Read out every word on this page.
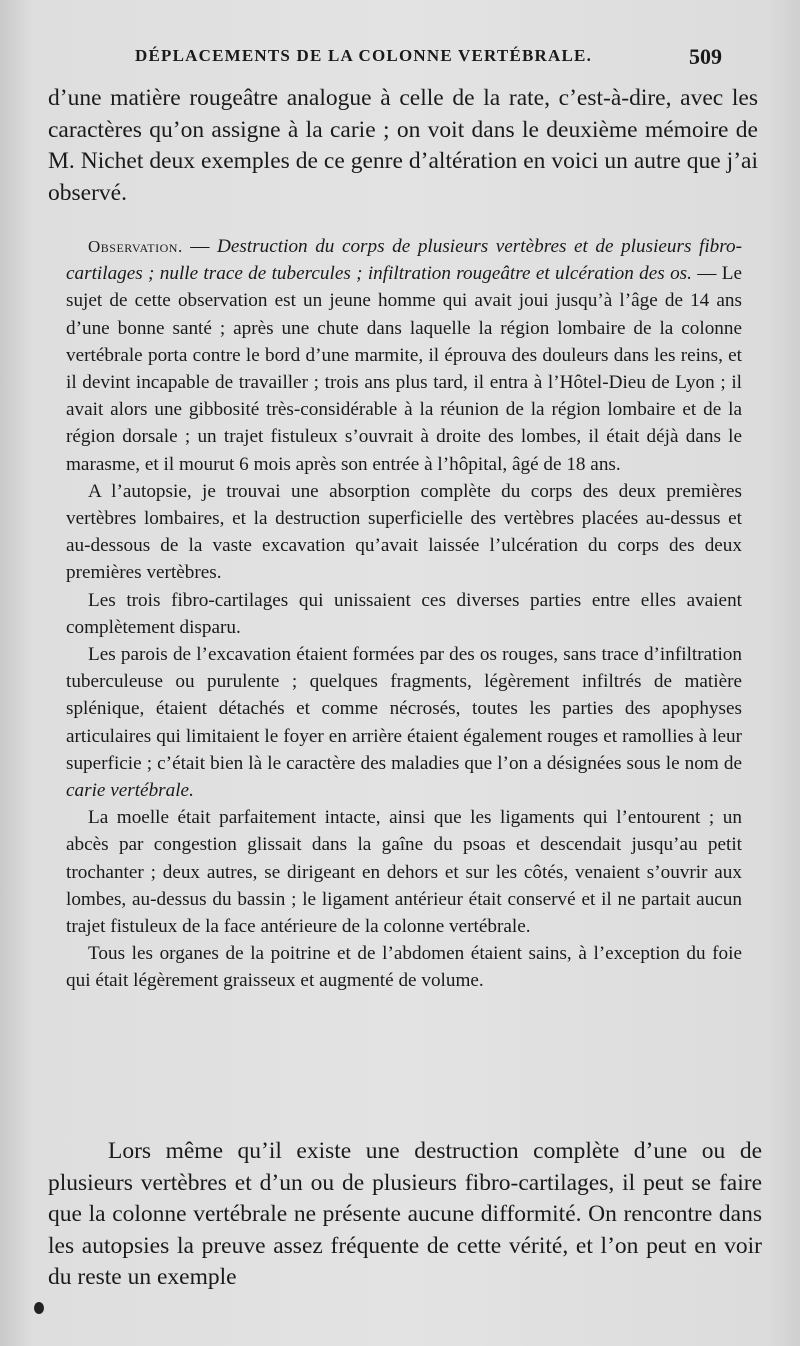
DÉPLACEMENTS DE LA COLONNE VERTÉBRALE.	509

d’une matière rougeâtre analogue à celle de la rate, c’est-à-dire, avec les caractères qu’on assigne à la carie ; on voit dans le deuxième mémoire de M. Nichet deux exemples de ce genre d’altération en voici un autre que j’ai observé.

Observation. — Destruction du corps de plusieurs vertèbres et de plusieurs fibro-cartilages ; nulle trace de tubercules ; infiltration rougeâtre et ulcération des os. — Le sujet de cette observation est un jeune homme qui avait joui jusqu’à l’âge de 14 ans d’une bonne santé ; après une chute dans laquelle la région lombaire de la colonne vertébrale porta contre le bord d’une marmite, il éprouva des douleurs dans les reins, et il devint incapable de travailler ; trois ans plus tard, il entra à l’Hôtel-Dieu de Lyon ; il avait alors une gibbosité très-considérable à la réunion de la région lombaire et de la région dorsale ; un trajet fistuleux s’ouvrait à droite des lombes, il était déjà dans le marasme, et il mourut 6 mois après son entrée à l’hôpital, âgé de 18 ans.

A l’autopsie, je trouvai une absorption complète du corps des deux premières vertèbres lombaires, et la destruction superficielle des vertèbres placées au-dessus et au-dessous de la vaste excavation qu’avait laissée l’ulcération du corps des deux premières vertèbres.

Les trois fibro-cartilages qui unissaient ces diverses parties entre elles avaient complètement disparu.

Les parois de l’excavation étaient formées par des os rouges, sans trace d’infiltration tuberculeuse ou purulente ; quelques fragments, légèrement infiltrés de matière splénique, étaient détachés et comme nécrosés, toutes les parties des apophyses articulaires qui limitaient le foyer en arrière étaient également rouges et ramollies à leur superficie ; c’était bien là le caractère des maladies que l’on a désignées sous le nom de carie vertébrale.

La moelle était parfaitement intacte, ainsi que les ligaments qui l’entourent ; un abcès par congestion glissait dans la gaîne du psoas et descendait jusqu’au petit trochanter ; deux autres, se dirigeant en dehors et sur les côtés, venaient s’ouvrir aux lombes, au-dessus du bassin ; le ligament antérieur était conservé et il ne partait aucun trajet fistuleux de la face antérieure de la colonne vertébrale.

Tous les organes de la poitrine et de l’abdomen étaient sains, à l’exception du foie qui était légèrement graisseux et augmenté de volume.

Lors même qu’il existe une destruction complète d’une ou de plusieurs vertèbres et d’un ou de plusieurs fibro-cartilages, il peut se faire que la colonne vertébrale ne présente aucune difformité. On rencontre dans les autopsies la preuve assez fréquente de cette vérité, et l’on peut en voir du reste un exemple
